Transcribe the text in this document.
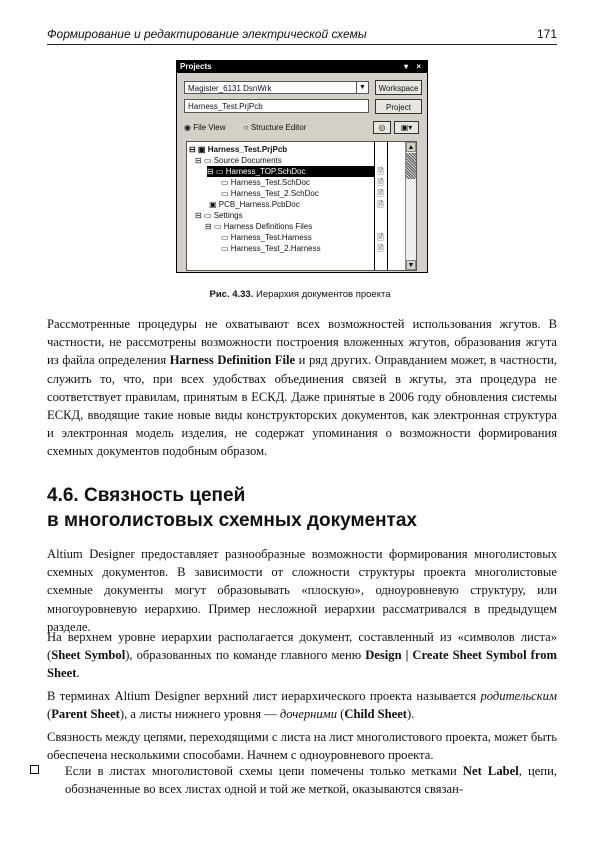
Формирование и редактирование электрической схемы	171
Projects	▾ ×
Magister_6131 DsnWrk	▼	Workspace
Harness_Test.PrjPcb	Project
◉ File View ○ Structure Editor	◎	▣▾
⊟ ▣ Harness_Test.PrjPcb
⊟ ▭ Source Documents
⊟ ▭ Harness_TOP.SchDoc
▭ Harness_Test.SchDoc
▭ Harness_Test_2.SchDoc
▣ PCB_Harness.PcbDoc
⊟ ▭ Settings
⊟ ▭ Harness Definitions Files
▭ Harness_Test.Harness
▭ Harness_Test_2.Harness
🗎
🗎
🗎
🗎
🗎
🗎
▲
▼
Рис. 4.33. Иерархия документов проекта
Рассмотренные процедуры не охватывают всех возможностей использования жгутов. В частности, не рассмотрены возможности построения вложенных жгутов, образования жгута из файла определения Harness Definition File и ряд других. Оправданием может, в частности, служить то, что, при всех удобствах объединения связей в жгуты, эта процедура не соответствует правилам, принятым в ЕСКД. Даже принятые в 2006 году обновления системы ЕСКД, вводящие такие новые виды конструкторских документов, как электронная структура и электронная модель изделия, не содержат упоминания о возможности формирования схемных документов подобным образом.
4.6. Связность цепей
в многолистовых схемных документах
Altium Designer предоставляет разнообразные возможности формирования многолистовых схемных документов. В зависимости от сложности структуры проекта многолистовые схемные документы могут образовывать «плоскую», одноуровневую структуру, или многоуровневую иерархию. Пример несложной иерархии рассматривался в предыдущем разделе.
На верхнем уровне иерархии располагается документ, составленный из «символов листа» (Sheet Symbol), образованных по команде главного меню Design | Create Sheet Symbol from Sheet.
В терминах Altium Designer верхний лист иерархического проекта называется родительским (Parent Sheet), а листы нижнего уровня — дочерними (Child Sheet).
Связность между цепями, переходящими с листа на лист многолистового проекта, может быть обеспечена несколькими способами. Начнем с одноуровневого проекта.
Если в листах многолистовой схемы цепи помечены только метками Net Label, цепи, обозначенные во всех листах одной и той же меткой, оказываются связан-
